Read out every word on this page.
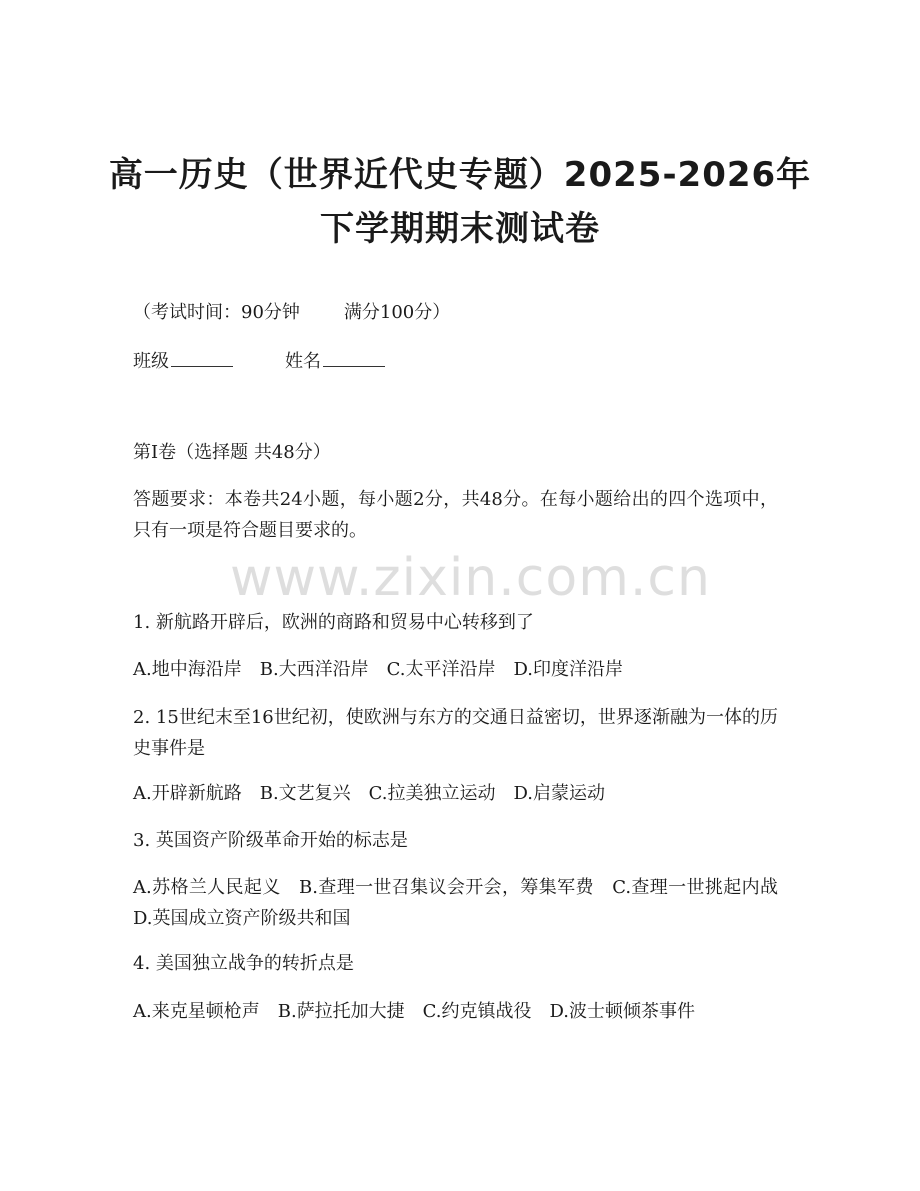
高一历史（世界近代史专题）2025-2026年
下学期期末测试卷
（考试时间：90分钟 满分100分）
班级	姓名
第Ⅰ卷（选择题 共48分）
答题要求：本卷共24小题，每小题2分，共48分。在每小题给出的四个选项中，只有一项是符合题目要求的。
www.zixin.com.cn
1. 新航路开辟后，欧洲的商路和贸易中心转移到了
A.地中海沿岸　B.大西洋沿岸　C.太平洋沿岸　D.印度洋沿岸
2. 15世纪末至16世纪初，使欧洲与东方的交通日益密切，世界逐渐融为一体的历史事件是
A.开辟新航路　B.文艺复兴　C.拉美独立运动　D.启蒙运动
3. 英国资产阶级革命开始的标志是
A.苏格兰人民起义　B.查理一世召集议会开会，筹集军费　C.查理一世挑起内战　D.英国成立资产阶级共和国
4. 美国独立战争的转折点是
A.来克星顿枪声　B.萨拉托加大捷　C.约克镇战役　D.波士顿倾茶事件
